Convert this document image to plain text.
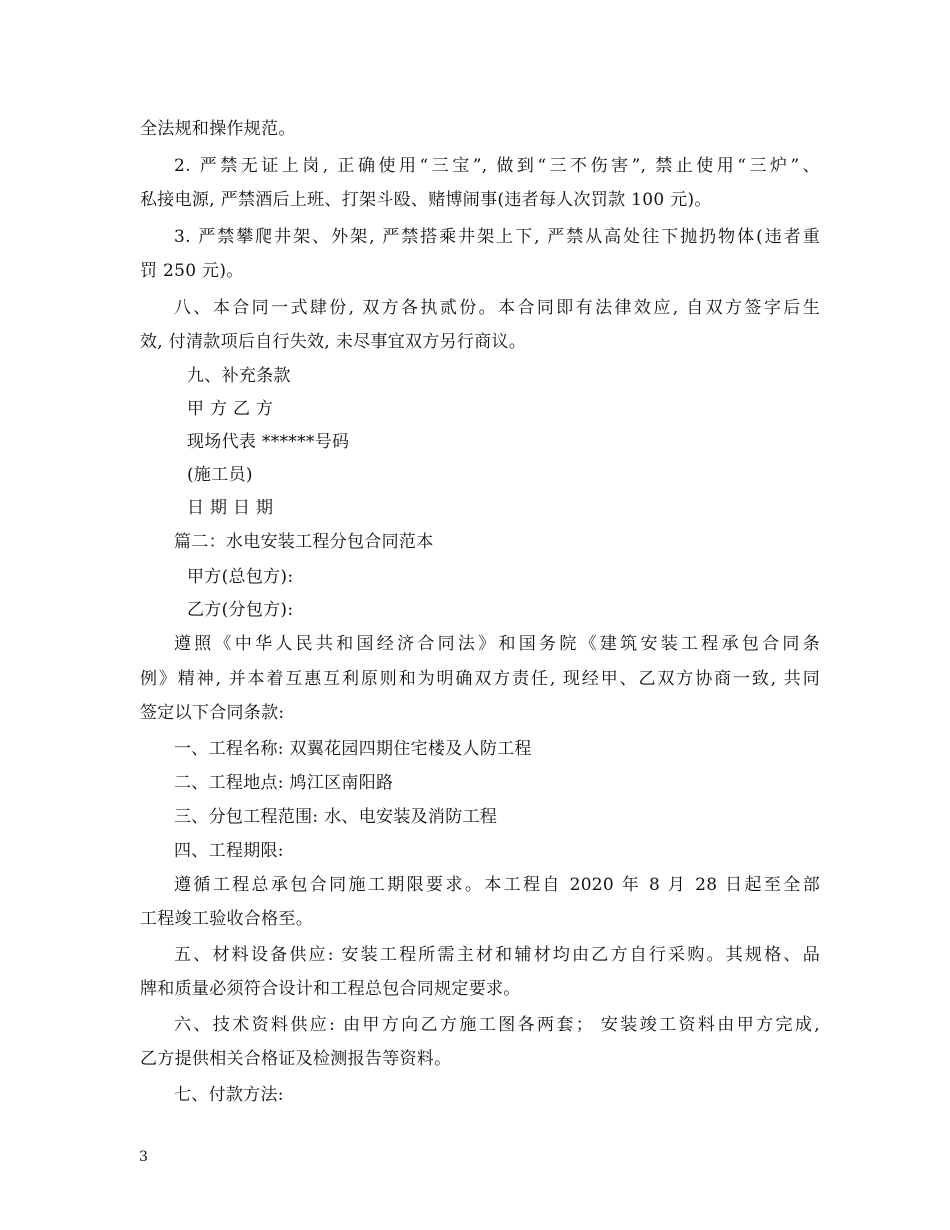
全法规和操作规范。
2. 严禁无证上岗, 正确使用“三宝”, 做到“三不伤害”, 禁止使用“三炉”、
私接电源, 严禁酒后上班、打架斗殴、赌博闹事(违者每人次罚款 100 元)。
3. 严禁攀爬井架、外架, 严禁搭乘井架上下, 严禁从高处往下抛扔物体(违者重
罚 250 元)。
八、本合同一式肆份, 双方各执贰份。本合同即有法律效应, 自双方签字后生
效, 付清款项后自行失效, 未尽事宜双方另行商议。
九、补充条款
甲 方 乙 方
现场代表 ******号码
(施工员)
日 期 日 期
篇二：水电安装工程分包合同范本
甲方(总包方):
乙方(分包方):
遵照《中华人民共和国经济合同法》和国务院《建筑安装工程承包合同条
例》精神, 并本着互惠互利原则和为明确双方责任, 现经甲、乙双方协商一致, 共同
签定以下合同条款:
一、工程名称: 双翼花园四期住宅楼及人防工程
二、工程地点: 鸠江区南阳路
三、分包工程范围: 水、电安装及消防工程
四、工程期限:
遵循工程总承包合同施工期限要求。本工程自 2020 年 8 月 28 日起至全部
工程竣工验收合格至。
五、材料设备供应: 安装工程所需主材和辅材均由乙方自行采购。其规格、品
牌和质量必须符合设计和工程总包合同规定要求。
六、技术资料供应: 由甲方向乙方施工图各两套； 安装竣工资料由甲方完成,
乙方提供相关合格证及检测报告等资料。
七、付款方法:
3
